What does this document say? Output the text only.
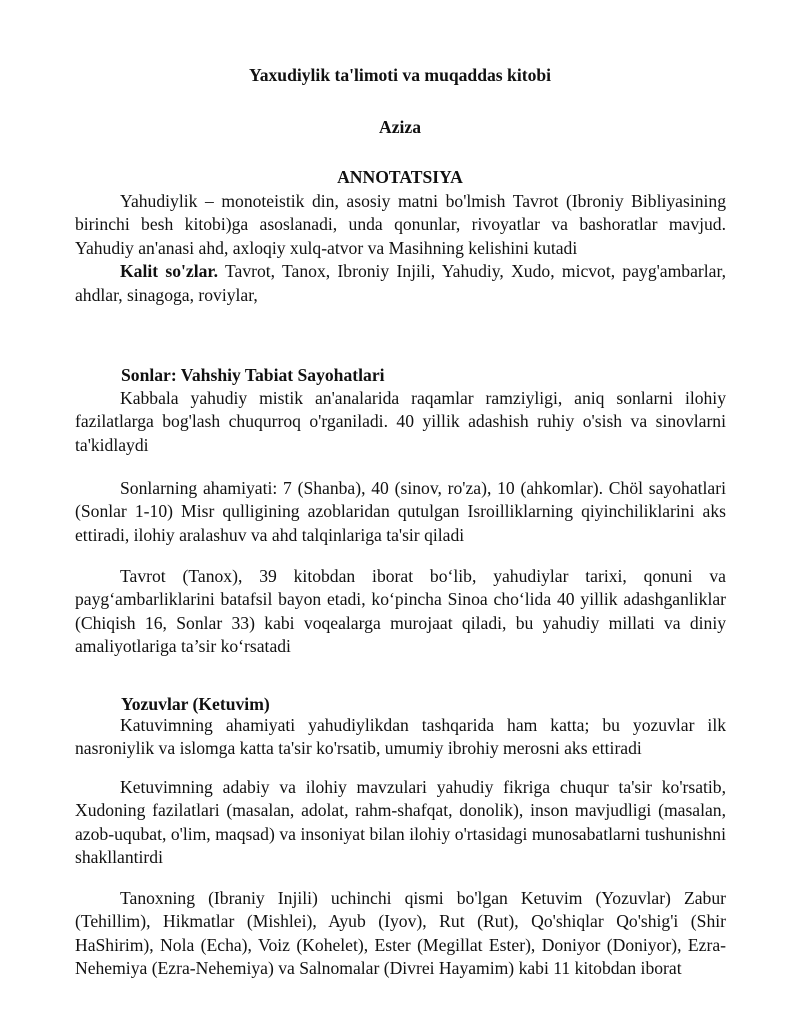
Yaxudiylik ta'limoti va muqaddas kitobi
Aziza
ANNOTATSIYA

Yahudiylik – monoteistik din, asosiy matni bo'lmish Tavrot (Ibroniy Bibliyasining birinchi besh kitobi)ga asoslanadi, unda qonunlar, rivoyatlar va bashoratlar mavjud. Yahudiy an'anasi ahd, axloqiy xulq-atvor va Masihning kelishini kutadi

Kalit so'zlar. Tavrot, Tanox, Ibroniy Injili, Yahudiy, Xudo, micvot, payg'ambarlar, ahdlar, sinagoga, roviylar,

Sonlar: Vahshiy Tabiat Sayohatlari

Kabbala yahudiy mistik an'analarida raqamlar ramziyligi, aniq sonlarni ilohiy fazilatlarga bog'lash chuqurroq o'rganiladi. 40 yillik adashish ruhiy o'sish va sinovlarni ta'kidlaydi

Sonlarning ahamiyati: 7 (Shanba), 40 (sinov, ro'za), 10 (ahkomlar). Chöl sayohatlari (Sonlar 1-10) Misr qulligining azoblaridan qutulgan Isroilliklarning qiyinchiliklarini aks ettiradi, ilohiy aralashuv va ahd talqinlariga ta'sir qiladi

Tavrot (Tanox), 39 kitobdan iborat bo‘lib, yahudiylar tarixi, qonuni va payg‘ambarliklarini batafsil bayon etadi, ko‘pincha Sinoa cho‘lida 40 yillik adashganliklar (Chiqish 16, Sonlar 33) kabi voqealarga murojaat qiladi, bu yahudiy millati va diniy amaliyotlariga ta’sir ko‘rsatadi

Yozuvlar (Ketuvim)

Katuvimning ahamiyati yahudiylikdan tashqarida ham katta; bu yozuvlar ilk nasroniylik va islomga katta ta'sir ko'rsatib, umumiy ibrohiy merosni aks ettiradi

Ketuvimning adabiy va ilohiy mavzulari yahudiy fikriga chuqur ta'sir ko'rsatib, Xudoning fazilatlari (masalan, adolat, rahm-shafqat, donolik), inson mavjudligi (masalan, azob-uqubat, o'lim, maqsad) va insoniyat bilan ilohiy o'rtasidagi munosabatlarni tushunishni shakllantirdi

Tanoxning (Ibraniy Injili) uchinchi qismi bo'lgan Ketuvim (Yozuvlar) Zabur (Tehillim), Hikmatlar (Mishlei), Ayub (Iyov), Rut (Rut), Qo'shiqlar Qo'shig'i (Shir HaShirim), Nola (Echa), Voiz (Kohelet), Ester (Megillat Ester), Doniyor (Doniyor), Ezra-Nehemiya (Ezra-Nehemiya) va Salnomalar (Divrei Hayamim) kabi 11 kitobdan iborat
